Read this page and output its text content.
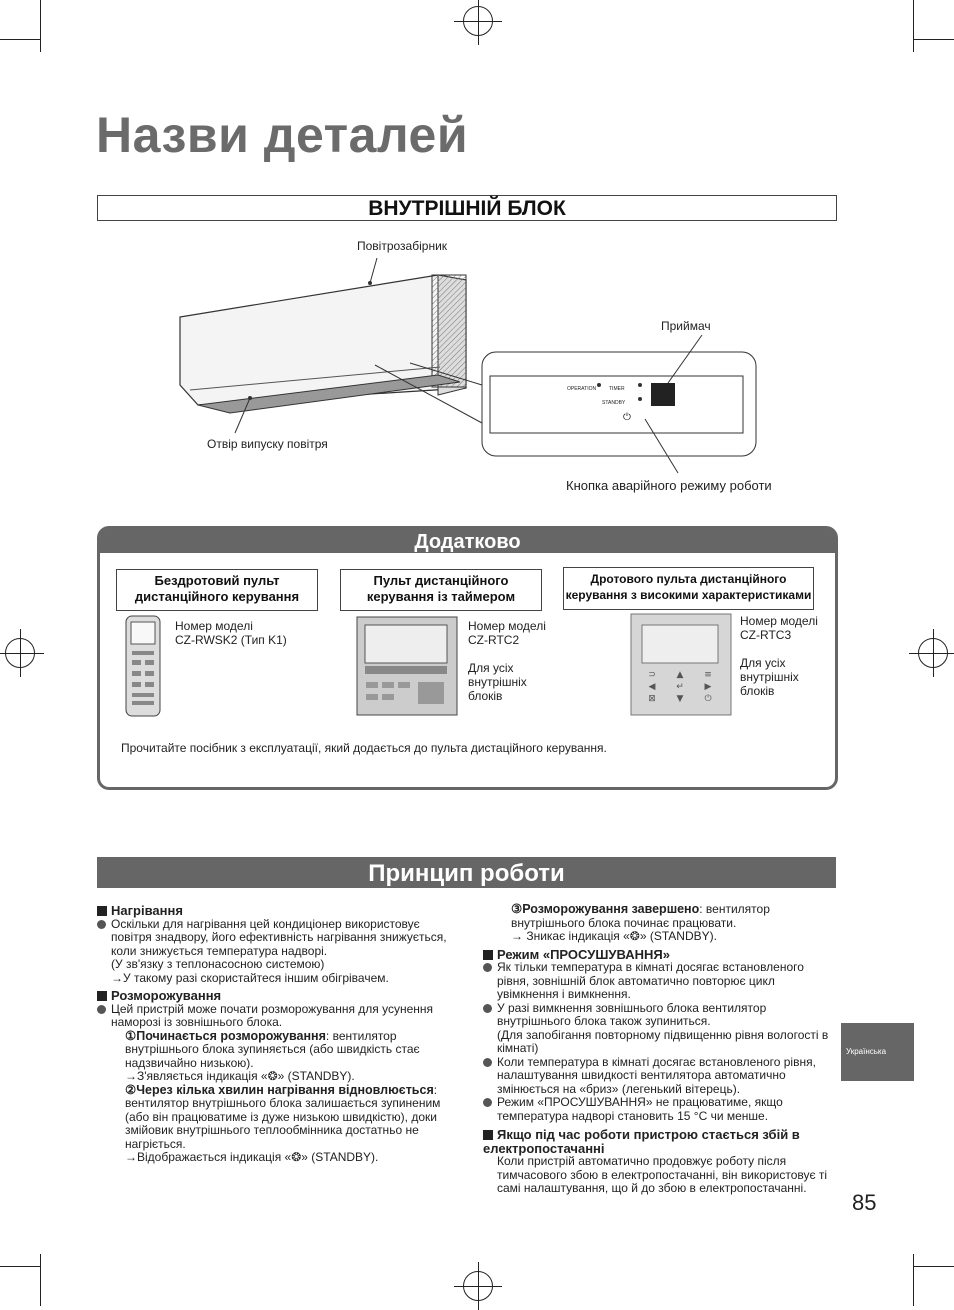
Назви деталей
ВНУТРІШНІЙ БЛОК
OPERATION	TIMER
STANDBY
⏻
Повітрозабірник
Приймач
Отвір випуску повітря
Кнопка аварійного режиму роботи
Додатково
Бездротовий пульт дистанційного керування
Пульт дистанційного керування із таймером
Дротового пульта дистанційного керування з високими характеристиками
⊃ ▲ ≡
◀ ↵ ▶
⊠ ▼ ⏻
Номер моделі
CZ-RWSK2 (Тип K1)
Номер моделі
CZ-RTC2
Для усіх внутрішніх блоків
Номер моделі
CZ-RTC3
Для усіх внутрішніх блоків
Прочитайте посібник з експлуатації, який додається до пульта дистаційного керування.
Принцип роботи

Нагрівання

Оскільки для нагрівання цей кондиціонер використовує повітря знадвору, його ефективність нагрівання знижується, коли знижується температура надворі.

(У зв'язку з теплонасосною системою)

→У такому разі скористайтеся іншим обігрівачем.

Розморожування

Цей пристрій може почати розморожування для усунення наморозі із зовнішнього блока.

①Починається розморожування: вентилятор внутрішнього блока зупиняється (або швидкість стає надзвичайно низькою).

→З'являється індикація «❂» (STANDBY).

②Через кілька хвилин нагрівання відновлюється: вентилятор внутрішнього блока залишається зупиненим (або він працюватиме із дуже низькою швидкістю), доки змійовик внутрішнього теплообмінника достатньо не нагріється.

→Відображається індикація «❂» (STANDBY).

③Розморожування завершено: вентилятор внутрішнього блока починає працювати.

→ Зникає індикація «❂» (STANDBY).

Режим «ПРОСУШУВАННЯ»

Як тільки температура в кімнаті досягає встановленого рівня, зовнішній блок автоматично повторює цикл увімкнення і вимкнення.

У разі вимкнення зовнішнього блока вентилятор внутрішнього блока також зупиниться.

(Для запобігання повторному підвищенню рівня вологості в кімнаті)

Коли температура в кімнаті досягає встановленого рівня, налаштування швидкості вентилятора автоматично змінюється на «бриз» (легенький вітерець).

Режим «ПРОСУШУВАННЯ» не працюватиме, якщо температура надворі становить 15 °C чи менше.

Якщо під час роботи пристрою стається збій в електропостачанні

Коли пристрій автоматично продовжує роботу після тимчасового збою в електропостачанні, він використовує ті самі налаштування, що й до збою в електропостачанні.

Українська
85
